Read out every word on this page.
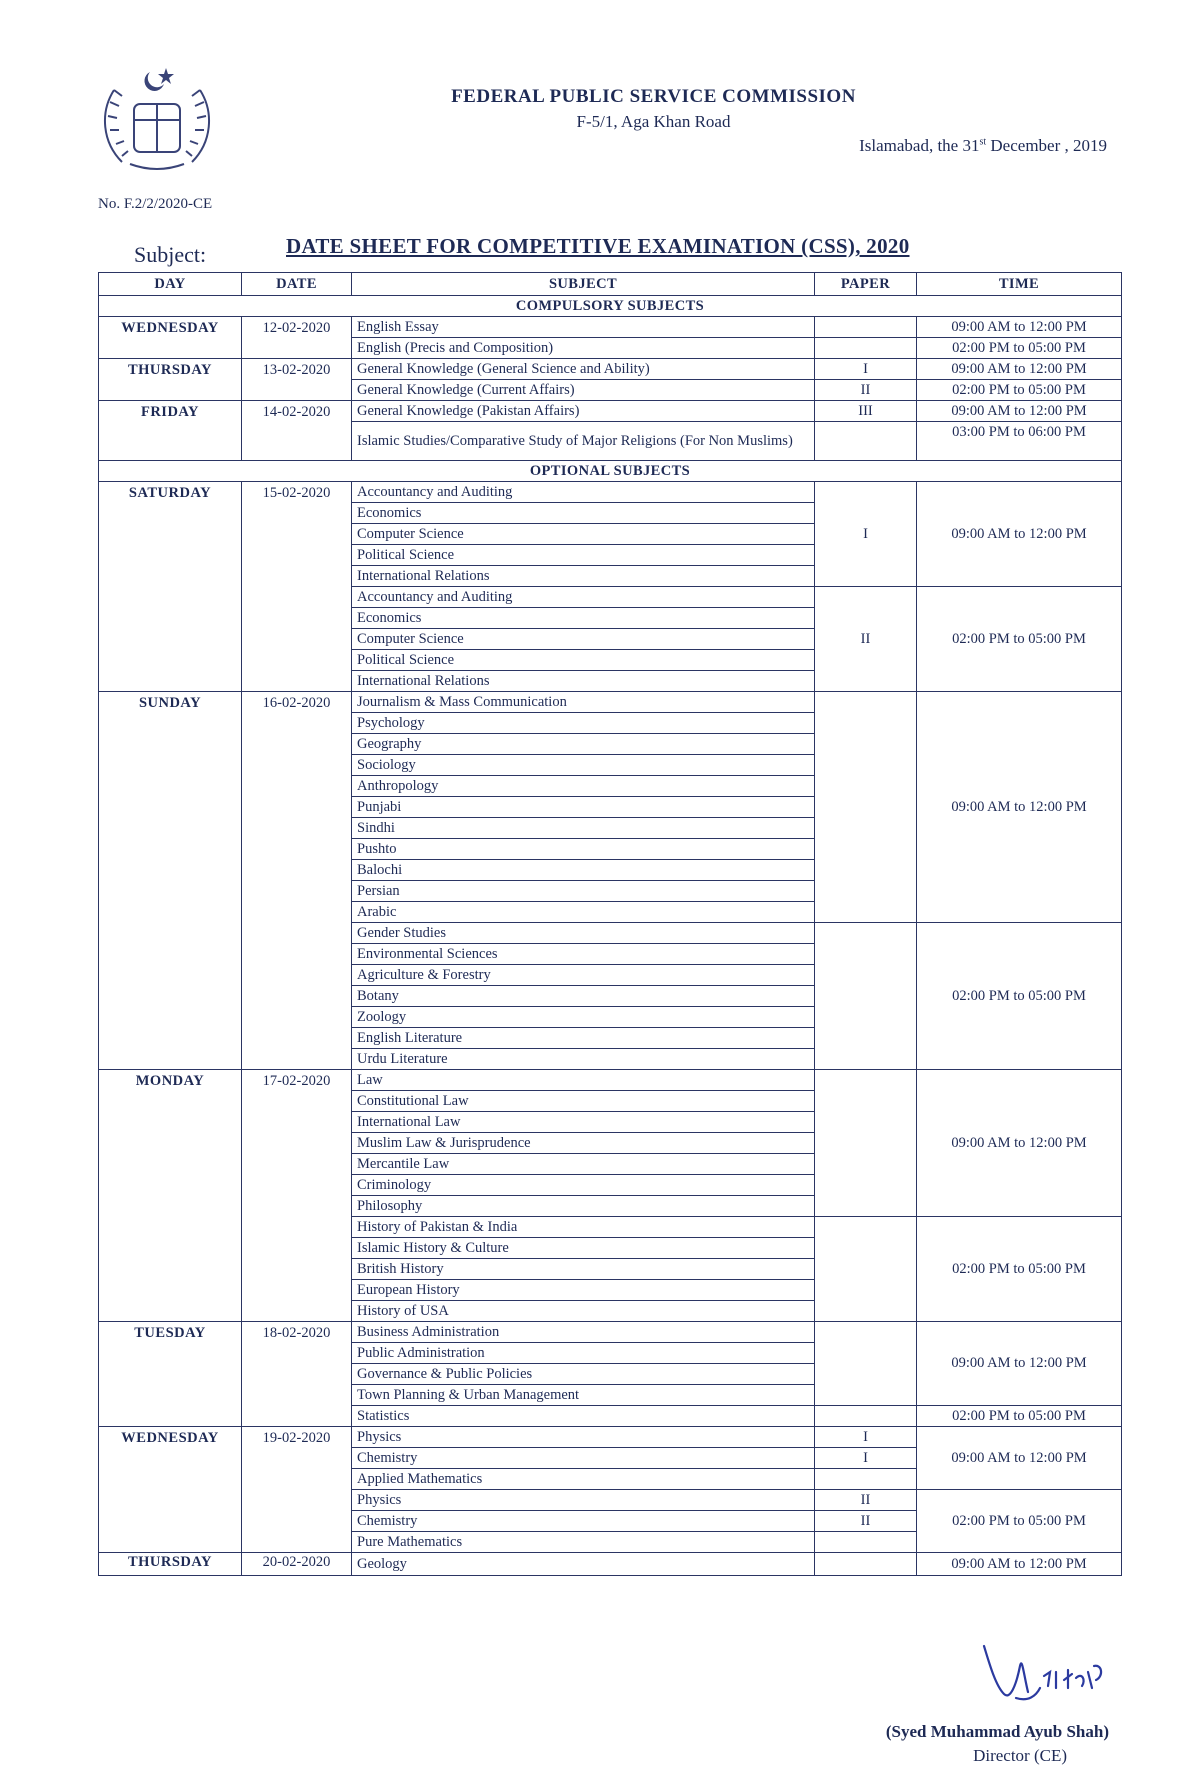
FEDERAL PUBLIC SERVICE COMMISSION
F-5/1, Aga Khan Road
Islamabad, the 31st December , 2019
No. F.2/2/2020-CE
Subject:	DATE SHEET FOR COMPETITIVE EXAMINATION (CSS), 2020
DAY	DATE	SUBJECT	PAPER	TIME
COMPULSORY SUBJECTS				
WEDNESDAY	12-02-2020	English Essay		09:00 AM to 12:00 PM
		English (Precis and Composition)		02:00 PM to 05:00 PM
THURSDAY	13-02-2020	General Knowledge (General Science and Ability)	I	09:00 AM to 12:00 PM
		General Knowledge (Current Affairs)	II	02:00 PM to 05:00 PM
FRIDAY	14-02-2020	General Knowledge (Pakistan Affairs)	III	09:00 AM to 12:00 PM
		Islamic Studies/Comparative Study of Major Religions (For Non Muslims)		03:00 PM to 06:00 PM
OPTIONAL SUBJECTS				
SATURDAY	15-02-2020	Accountancy and Auditing	I	09:00 AM to 12:00 PM
		Economics		
		Computer Science		
		Political Science		
		International Relations		
		Accountancy and Auditing	II	02:00 PM to 05:00 PM
		Economics		
		Computer Science		
		Political Science		
		International Relations		
SUNDAY	16-02-2020	Journalism & Mass Communication		09:00 AM to 12:00 PM
		Psychology		
		Geography		
		Sociology		
		Anthropology		
		Punjabi		
		Sindhi		
		Pushto		
		Balochi		
		Persian		
		Arabic		
		Gender Studies		02:00 PM to 05:00 PM
		Environmental Sciences		
		Agriculture & Forestry		
		Botany		
		Zoology		
		English Literature		
		Urdu Literature		
MONDAY	17-02-2020	Law		09:00 AM to 12:00 PM
		Constitutional Law		
		International Law		
		Muslim Law & Jurisprudence		
		Mercantile Law		
		Criminology		
		Philosophy		
		History of Pakistan & India		02:00 PM to 05:00 PM
		Islamic History & Culture		
		British History		
		European History		
		History of USA		
TUESDAY	18-02-2020	Business Administration		09:00 AM to 12:00 PM
		Public Administration		
		Governance & Public Policies		
		Town Planning & Urban Management		
		Statistics		02:00 PM to 05:00 PM
WEDNESDAY	19-02-2020	Physics	I	09:00 AM to 12:00 PM
		Chemistry	I	
		Applied Mathematics		
		Physics	II	02:00 PM to 05:00 PM
		Chemistry	II	
		Pure Mathematics		
THURSDAY	20-02-2020	Geology		09:00 AM to 12:00 PM
(Syed Muhammad Ayub Shah)
Director (CE)
